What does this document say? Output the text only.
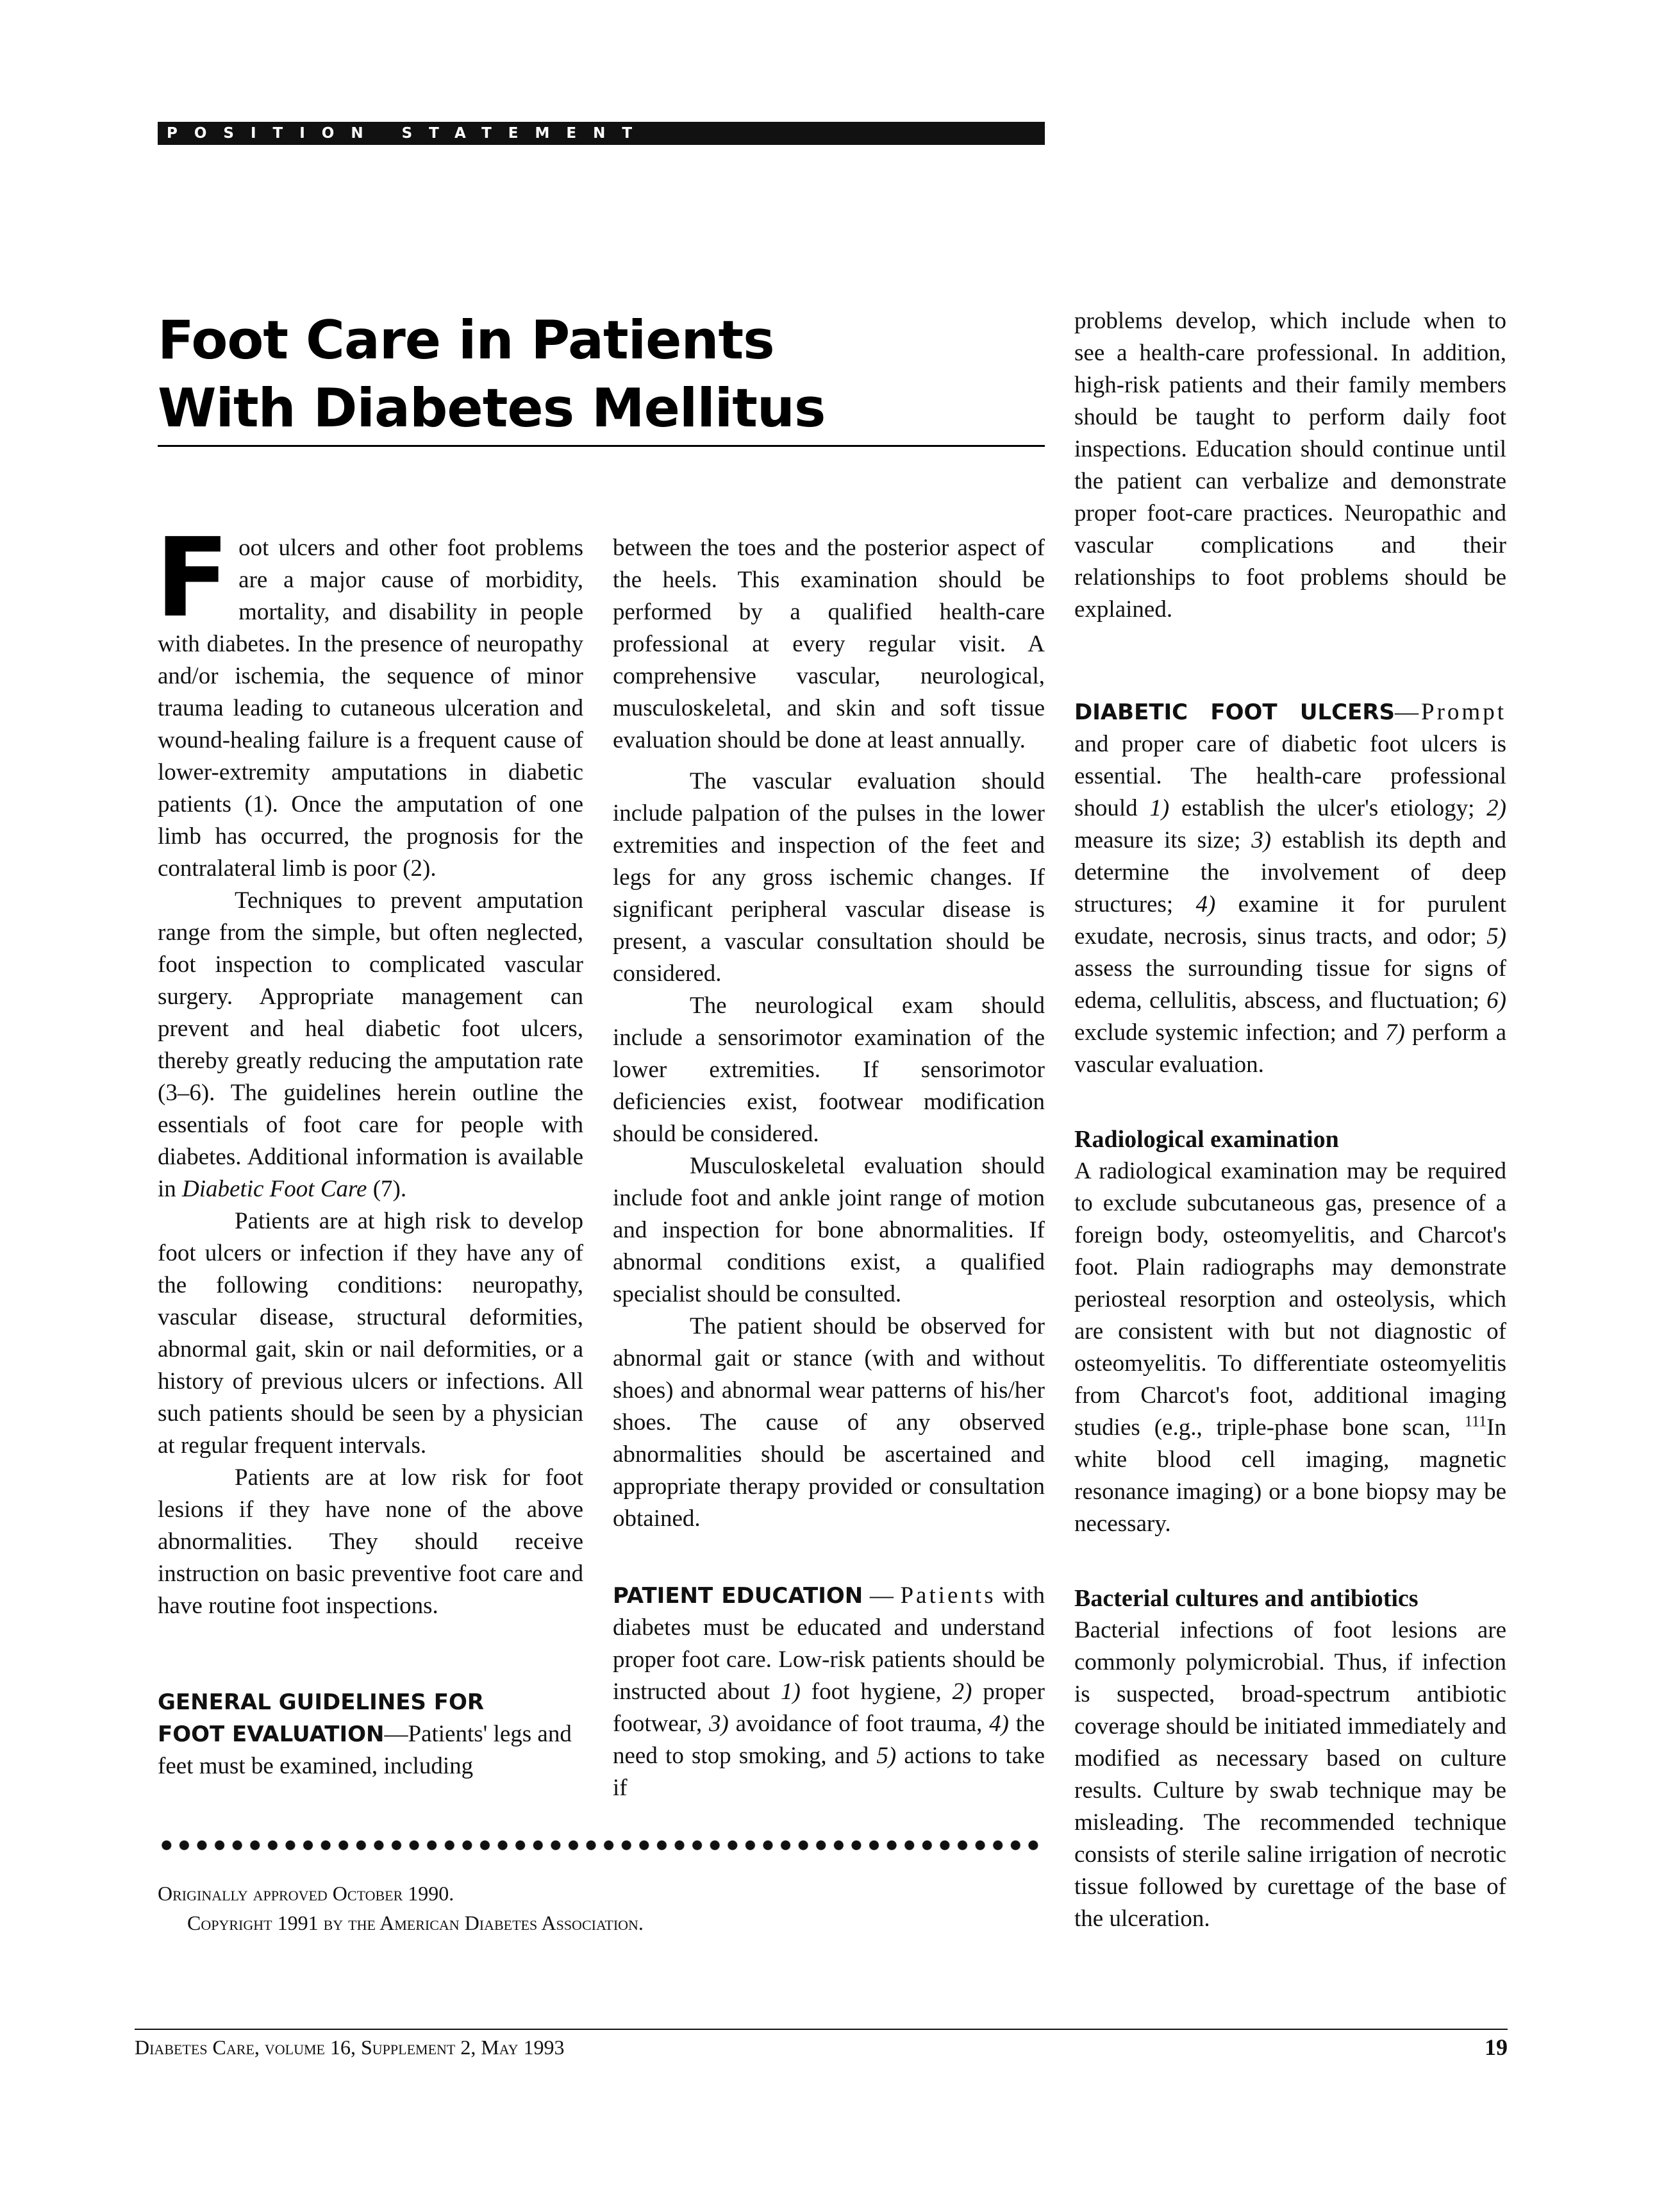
POSITION STATEMENT
Foot Care in Patients
With Diabetes Mellitus

Foot ulcers and other foot problems are a major cause of morbidity, mortality, and disability in people with diabetes. In the presence of neuropathy and/or ischemia, the sequence of minor trauma leading to cutaneous ulceration and wound-healing failure is a frequent cause of lower-extremity amputations in diabetic patients (1). Once the amputation of one limb has occurred, the prognosis for the contralateral limb is poor (2).

Techniques to prevent amputation range from the simple, but often neglected, foot inspection to complicated vascular surgery. Appropriate management can prevent and heal diabetic foot ulcers, thereby greatly reducing the amputation rate (3–6). The guidelines herein outline the essentials of foot care for people with diabetes. Additional information is available in Diabetic Foot Care (7).

Patients are at high risk to develop foot ulcers or infection if they have any of the following conditions: neuropathy, vascular disease, structural deformities, abnormal gait, skin or nail deformities, or a history of previous ulcers or infections. All such patients should be seen by a physician at regular frequent intervals.

Patients are at low risk for foot lesions if they have none of the above abnormalities. They should receive instruction on basic preventive foot care and have routine foot inspections.

GENERAL GUIDELINES FOR
FOOT EVALUATION—Patients' legs and feet must be examined, including

between the toes and the posterior aspect of the heels. This examination should be performed by a qualified health-care professional at every regular visit. A comprehensive vascular, neurological, musculoskeletal, and skin and soft tissue evaluation should be done at least annually.

The vascular evaluation should include palpation of the pulses in the lower extremities and inspection of the feet and legs for any gross ischemic changes. If significant peripheral vascular disease is present, a vascular consultation should be considered.

The neurological exam should include a sensorimotor examination of the lower extremities. If sensorimotor deficiencies exist, footwear modification should be considered.

Musculoskeletal evaluation should include foot and ankle joint range of motion and inspection for bone abnormalities. If abnormal conditions exist, a qualified specialist should be consulted.

The patient should be observed for abnormal gait or stance (with and without shoes) and abnormal wear patterns of his/her shoes. The cause of any observed abnormalities should be ascertained and appropriate therapy provided or consultation obtained.

PATIENT EDUCATION — Patients with diabetes must be educated and understand proper foot care. Low-risk patients should be instructed about 1) foot hygiene, 2) proper footwear, 3) avoidance of foot trauma, 4) the need to stop smoking, and 5) actions to take if

problems develop, which include when to see a health-care professional. In addition, high-risk patients and their family members should be taught to perform daily foot inspections. Education should continue until the patient can verbalize and demonstrate proper foot-care practices. Neuropathic and vascular complications and their relationships to foot problems should be explained.

DIABETIC FOOT ULCERS—Prompt and proper care of diabetic foot ulcers is essential. The health-care professional should 1) establish the ulcer's etiology; 2) measure its size; 3) establish its depth and determine the involvement of deep structures; 4) examine it for purulent exudate, necrosis, sinus tracts, and odor; 5) assess the surrounding tissue for signs of edema, cellulitis, abscess, and fluctuation; 6) exclude systemic infection; and 7) perform a vascular evaluation.

Radiological examination

A radiological examination may be required to exclude subcutaneous gas, presence of a foreign body, osteomyelitis, and Charcot's foot. Plain radiographs may demonstrate periosteal resorption and osteolysis, which are consistent with but not diagnostic of osteomyelitis. To differentiate osteomyelitis from Charcot's foot, additional imaging studies (e.g., triple-phase bone scan, $^{111}$In white blood cell imaging, magnetic resonance imaging) or a bone biopsy may be necessary.

Bacterial cultures and antibiotics

Bacterial infections of foot lesions are commonly polymicrobial. Thus, if infection is suspected, broad-spectrum antibiotic coverage should be initiated immediately and modified as necessary based on culture results. Culture by swab technique may be misleading. The recommended technique consists of sterile saline irrigation of necrotic tissue followed by curettage of the base of the ulceration.

Originally approved October 1990.
Copyright 1991 by the American Diabetes Association.
Diabetes Care, volume 16, Supplement 2, May 1993	19
